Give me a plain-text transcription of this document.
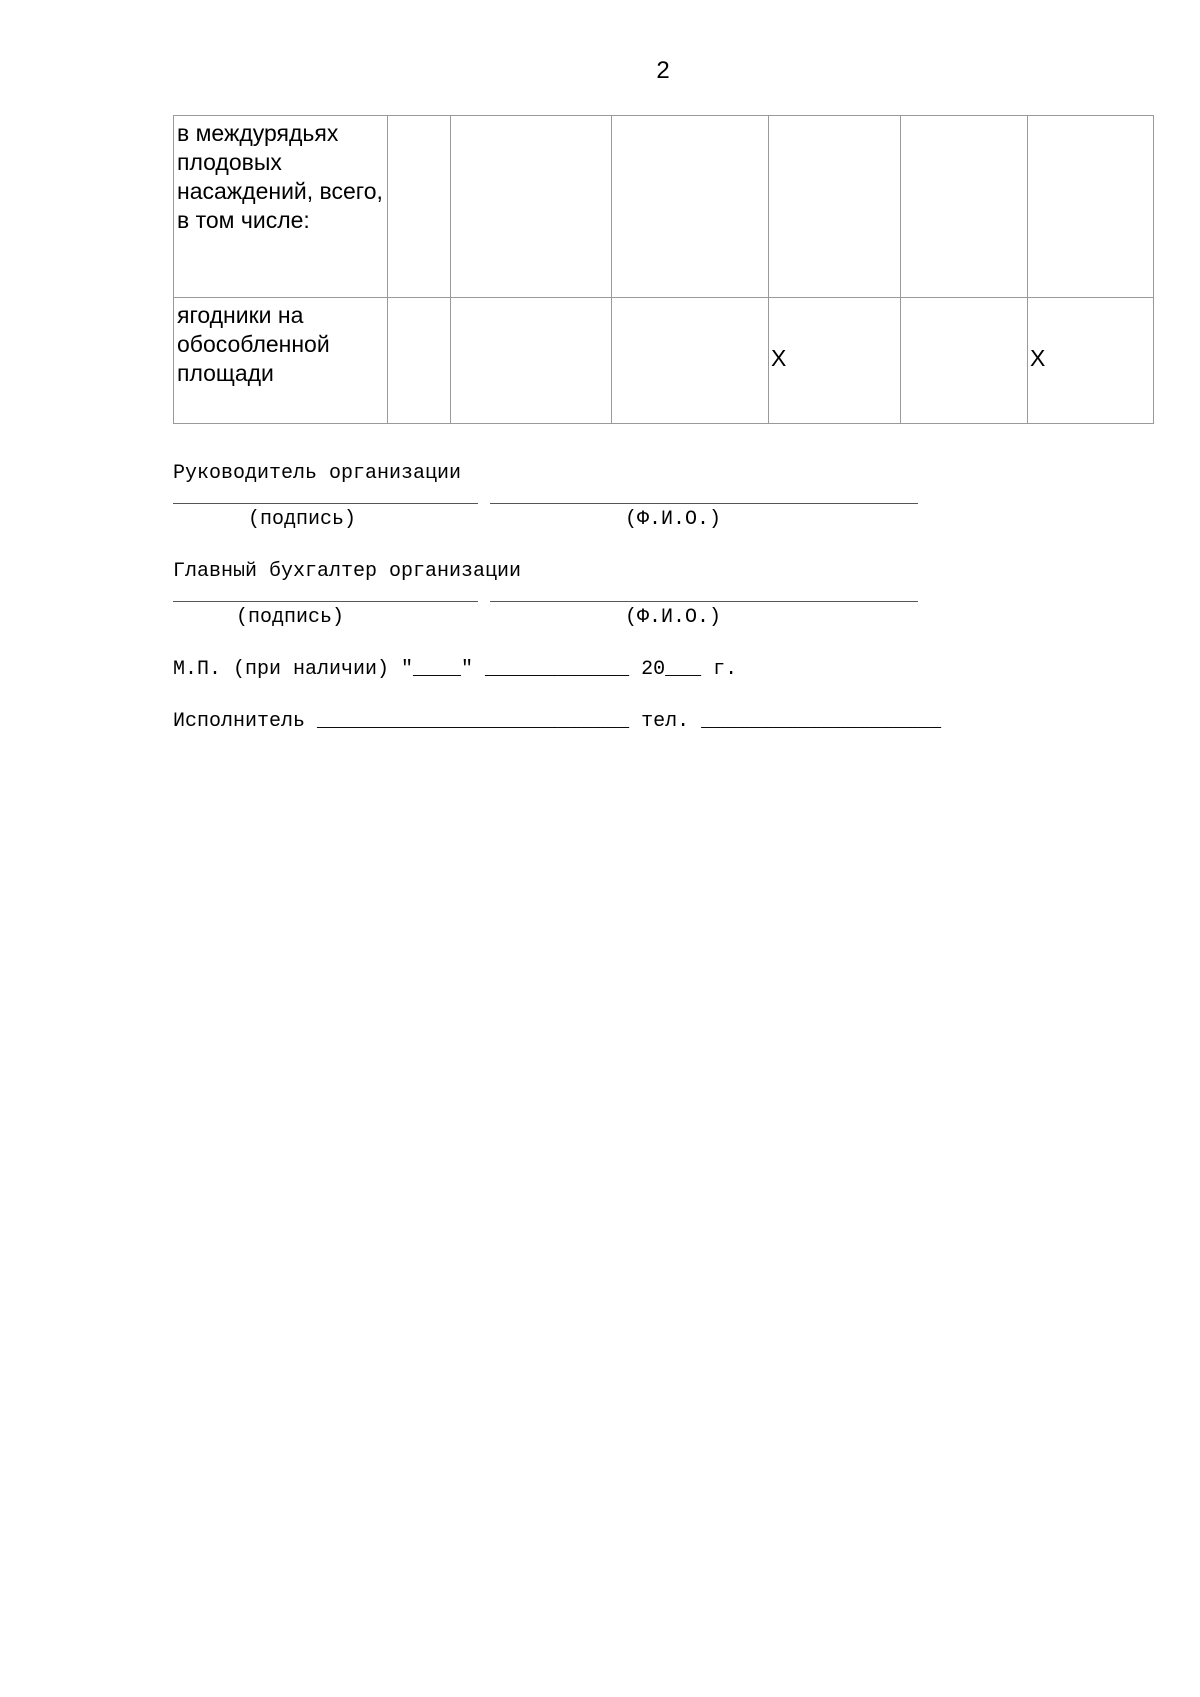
2
в междурядьях плодовых насаждений, всего, в том числе:						
ягодники на обособленной площади				X		X
Руководитель организации
(подпись)	(Ф.И.О.)
Главный бухгалтер организации
(подпись)	(Ф.И.О.)
М.П. (при наличии) "____" ____________ 20___ г.
Исполнитель __________________________ тел. ____________________
